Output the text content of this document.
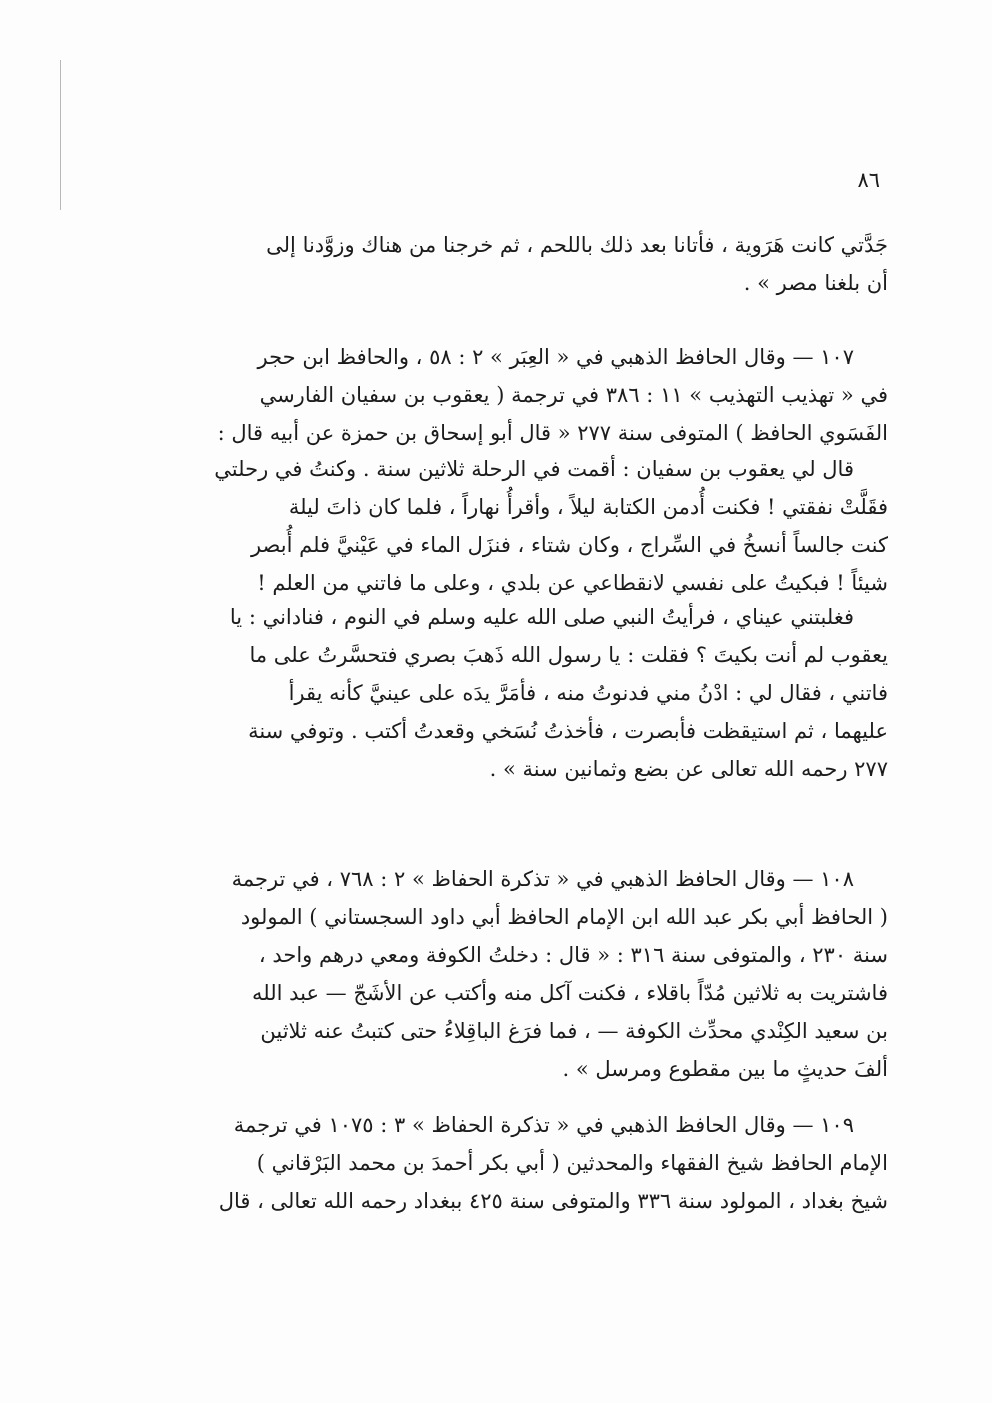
٨٦
جَدَّتي كانت هَرَوية ، فأتانا بعد ذلك باللحم ، ثم خرجنا من هناك وزوَّدنا إلى
أن بلغنا مصر » .
١٠٧ — وقال الحافظ الذهبي في « العِبَر » ٢ : ٥٨ ، والحافظ ابن حجر
في « تهذيب التهذيب » ١١ : ٣٨٦ في ترجمة ( يعقوب بن سفيان الفارسي
الفَسَوي الحافظ ) المتوفى سنة ٢٧٧ « قال أبو إسحاق بن حمزة عن أبيه قال :
قال لي يعقوب بن سفيان : أقمت في الرحلة ثلاثين سنة . وكنتُ في رحلتي
فقَلَّتْ نفقتي ! فكنت أُدمن الكتابة ليلاً ، وأقرأُ نهاراً ، فلما كان ذاتَ ليلة
كنت جالساً أنسخُ في السِّراج ، وكان شتاء ، فنزَل الماء في عَيْنيَّ فلم أُبصر
شيئاً ! فبكيتُ على نفسي لانقطاعي عن بلدي ، وعلى ما فاتني من العلم !
فغلبتني عيناي ، فرأيتُ النبي صلى الله عليه وسلم في النوم ، فناداني : يا
يعقوب لم أنت بكيتَ ؟ فقلت : يا رسول الله ذَهبَ بصري فتحسَّرتُ على ما
فاتني ، فقال لي : ادْنُ مني فدنوتُ منه ، فأمَرَّ يدَه على عينيَّ كأنه يقرأ
عليهما ، ثم استيقظت فأبصرت ، فأخذتُ نُسَخي وقعدتُ أكتب . وتوفي سنة
٢٧٧ رحمه الله تعالى عن بضع وثمانين سنة » .
١٠٨ — وقال الحافظ الذهبي في « تذكرة الحفاظ » ٢ : ٧٦٨ ، في ترجمة
( الحافظ أبي بكر عبد الله ابن الإمام الحافظ أبي داود السجستاني ) المولود
سنة ٢٣٠ ، والمتوفى سنة ٣١٦ : « قال : دخلتُ الكوفة ومعي درهم واحد ،
فاشتريت به ثلاثين مُدّاً باقلاء ، فكنت آكل منه وأكتب عن الأشَجّ — عبد الله
بن سعيد الكِنْدي محدِّث الكوفة — ، فما فرَغ الباقِلاءُ حتى كتبتُ عنه ثلاثين
ألفَ حديثٍ ما بين مقطوع ومرسل » .
١٠٩ — وقال الحافظ الذهبي في « تذكرة الحفاظ » ٣ : ١٠٧٥ في ترجمة
الإمام الحافظ شيخ الفقهاء والمحدثين ( أبي بكر أحمدَ بن محمد البَرْقاني )
شيخ بغداد ، المولود سنة ٣٣٦ والمتوفى سنة ٤٢٥ ببغداد رحمه الله تعالى ، قال
